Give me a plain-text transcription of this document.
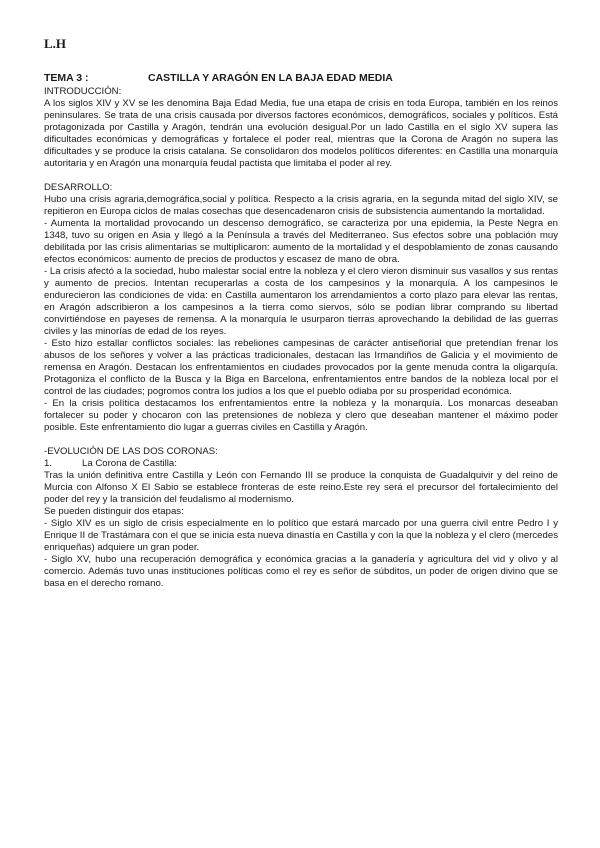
L.H
TEMA 3 :	CASTILLA Y ARAGÓN EN LA BAJA EDAD MEDIA

INTRODUCCIÓN:

A los siglos XIV y XV se les denomina Baja Edad Media, fue una etapa de crisis en toda Europa, también en los reinos peninsulares. Se trata de una crisis causada por diversos factores económicos, demográficos, sociales y políticos. Está protagonizada por Castilla y Aragón, tendrán una evolución desigual.Por un lado Castilla en el siglo XV supera las dificultades económicas y demográficas y fortalece el poder real, mientras que la Corona de Aragón no supera las dificultades y se produce la crisis catalana. Se consolidaron dos modelos políticos diferentes: en Castilla una monarquía autoritaria y en Aragón una monarquía feudal pactista que limitaba el poder al rey.

DESARROLLO:

Hubo una crisis agraria,demográfica,social y política. Respecto a la crisis agraria, en la segunda mitad del siglo XIV, se repitieron en Europa ciclos de malas cosechas que desencadenaron crisis de subsistencia aumentando la mortalidad.

- Aumenta la mortalidad provocando un descenso demográfico, se caracteriza por una epidemia, la Peste Negra en 1348, tuvo su origen en Asia y llegó a la Península a través del Mediterraneo. Sus efectos sobre una población muy debilitada por las crisis alimentarias se multiplicaron: aumento de la mortalidad y el despoblamiento de zonas causando efectos económicos: aumento de precios de productos y escasez de mano de obra.

- La crisis afectó a la sociedad, hubo malestar social entre la nobleza y el clero vieron disminuir sus vasallos y sus rentas y aumento de precios. Intentan recuperarlas a costa de los campesinos y la monarquía. A los campesinos le endurecieron las condiciones de vida: en Castilla aumentaron los arrendamientos a corto plazo para elevar las rentas, en Aragón adscribieron a los campesinos a la tierra como siervos, sólo se podían librar comprando su libertad convirtiéndose en payeses de remensa. A la monarquía le usurparon tierras aprovechando la debilidad de las guerras civiles y las minorías de edad de los reyes.

- Esto hizo estallar conflictos sociales: las rebeliones campesinas de carácter antiseñorial que pretendían frenar los abusos de los señores y volver a las prácticas tradicionales, destacan las Irmandiños de Galicia y el movimiento de remensa en Aragón. Destacan los enfrentamientos en ciudades provocados por la gente menuda contra la oligarquía. Protagoniza el conflicto de la Busca y la Biga en Barcelona, enfrentamientos entre bandos de la nobleza local por el control de las ciudades; pogromos contra los judíos a los que el pueblo odiaba por su prosperidad económica.

- En la crisis política destacamos los enfrentamientos entre la nobleza y la monarquía. Los monarcas deseaban fortalecer su poder y chocaron con las pretensiones de nobleza y clero que deseaban mantener el máximo poder posible. Este enfrentamiento dio lugar a guerras civiles en Castilla y Aragón.

-EVOLUCIÓN DE LAS DOS CORONAS:

1.	La Corona de Castilla:

Tras la unión definitiva entre Castilla y León con Fernando III se produce la conquista de Guadalquivir y del reino de Murcia con Alfonso X El Sabio se establece fronteras de este reino.Este rey será el precursor del fortalecimiento del poder del rey y la transición del feudalismo al modernismo.

Se pueden distinguir dos etapas:

- Siglo XIV es un siglo de crisis especialmente en lo político que estará marcado por una guerra civil entre Pedro I y Enrique II de Trastámara con el que se inicia esta nueva dinastía en Castilla y con la que la nobleza y el clero (mercedes enriqueñas) adquiere un gran poder.

- Siglo XV, hubo una recuperación demográfica y económica gracias a la ganadería y agricultura del vid y olivo y al comercio. Además tuvo unas instituciones políticas como el rey es señor de súbditos, un poder de origen divino que se basa en el derecho romano.
